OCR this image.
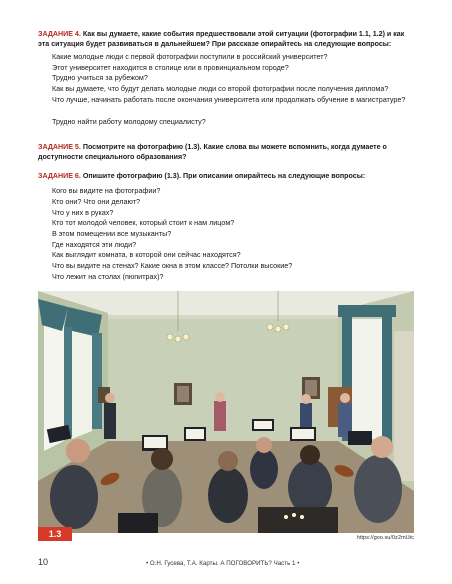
ЗАДАНИЕ 4. Как вы думаете, какие события предшествовали этой ситуации (фотографии 1.1, 1.2) и как эта ситуация будет развиваться в дальнейшем? При рассказе опирайтесь на следующие вопросы:
Какие молодые люди с первой фотографии поступили в российский университет?
Этот университет находится в столице или в провинциальном городе?
Трудно учиться за рубежом?
Как вы думаете, что будут делать молодые люди со второй фотографии после получения диплома?
Что лучше, начинать работать после окончания университета или продолжать обучение в магистратуре?
Трудно найти работу молодому специалисту?
ЗАДАНИЕ 5. Посмотрите на фотографию (1.3). Какие слова вы можете вспомнить, когда думаете о доступности специального образования?
ЗАДАНИЕ 6. Опишите фотографию (1.3). При описании опирайтесь на следующие вопросы:
Кого вы видите на фотографии?
Кто они? Что они делают?
Что у них в руках?
Кто тот молодой человек, который стоит к нам лицом?
В этом помещении все музыканты?
Где находятся эти люди?
Как выглядит комната, в которой они сейчас находятся?
Что вы видите на стенах? Какие окна в этом классе? Потолки высокие?
Что лежит на столах (пюпитрах)?
1.3	https://goo.su/0z2mUtc
10	• О.Н. Гусева, Т.А. Карты. А ПОГОВОРИТЬ? Часть 1 •
